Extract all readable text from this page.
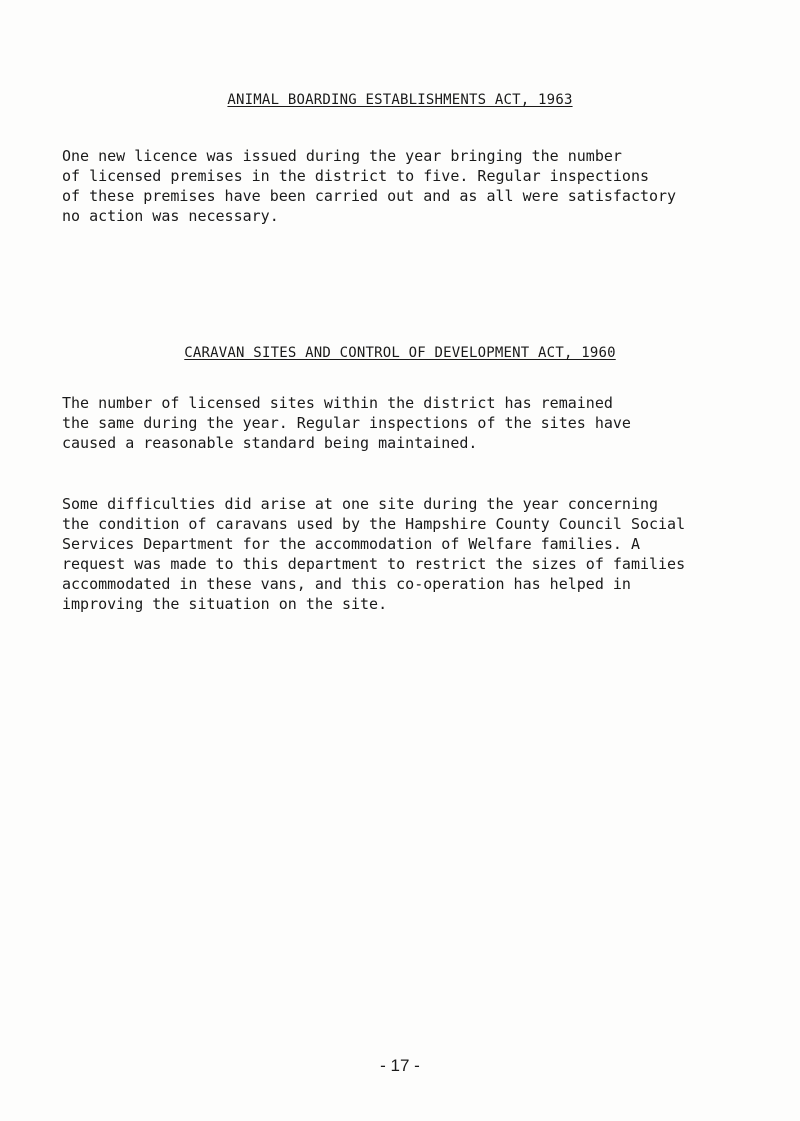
ANIMAL BOARDING ESTABLISHMENTS ACT, 1963
One new licence was issued during the year bringing the number
of licensed premises in the district to five. Regular inspections
of these premises have been carried out and as all were satisfactory
no action was necessary.
CARAVAN SITES AND CONTROL OF DEVELOPMENT ACT, 1960
The number of licensed sites within the district has remained
the same during the year. Regular inspections of the sites have
caused a reasonable standard being maintained.
Some difficulties did arise at one site during the year concerning
the condition of caravans used by the Hampshire County Council Social
Services Department for the accommodation of Welfare families. A
request was made to this department to restrict the sizes of families
accommodated in these vans, and this co-operation has helped in
improving the situation on the site.
- 17 -
